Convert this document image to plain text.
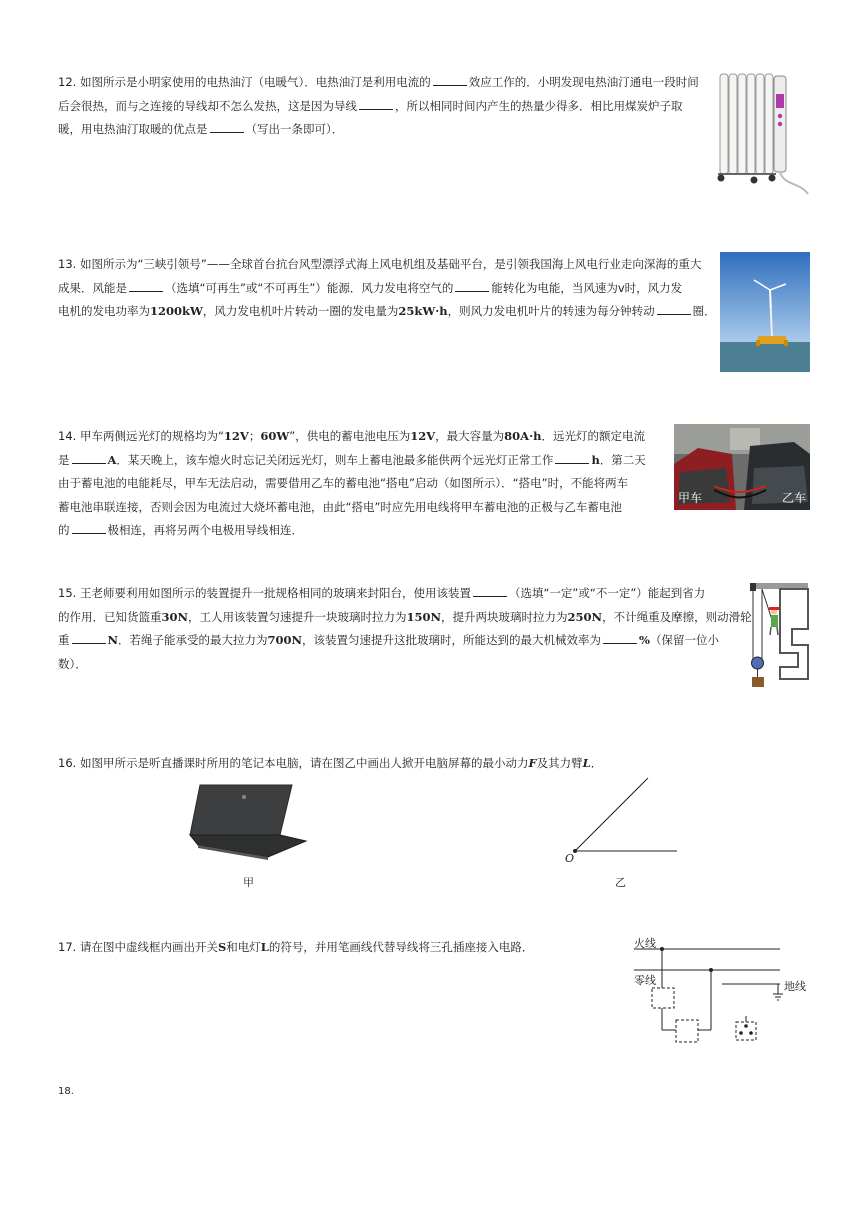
12. 如图所示是小明家使用的电热油汀（电暖气）．电热油汀是利用电流的	效应工作的．小明发现电热油汀通电一段时间

后会很热，而与之连接的导线却不怎么发热，这是因为导线	，所以相同时间内产生的热量少得多．相比用煤炭炉子取

暖，用电热油汀取暖的优点是	（写出一条即可）．

13. 如图所示为“三峡引领号”——全球首台抗台风型漂浮式海上风电机组及基础平台，是引领我国海上风电行业走向深海的重大

成果．风能是	（选填“可再生”或“不可再生”）能源．风力发电将空气的	能转化为电能，当风速为v时，风力发

电机的发电功率为1200kW，风力发电机叶片转动一圈的发电量为25kW·h，则风力发电机叶片的转速为每分钟转动	圈．

14. 甲车两侧远光灯的规格均为“12V；60W”，供电的蓄电池电压为12V，最大容量为80A·h．远光灯的额定电流

是	A．某天晚上，该车熄火时忘记关闭远光灯，则车上蓄电池最多能供两个远光灯正常工作	h．第二天

由于蓄电池的电能耗尽，甲车无法启动，需要借用乙车的蓄电池“搭电”启动（如图所示）．“搭电”时，不能将两车

蓄电池串联连接，否则会因为电流过大烧坏蓄电池，由此“搭电”时应先用电线将甲车蓄电池的正极与乙车蓄电池

的	极相连，再将另两个电极用导线相连．

甲车	乙车

15. 王老师要利用如图所示的装置提升一批规格相同的玻璃来封阳台，使用该装置	（选填“一定”或“不一定”）能起到省力

的作用．已知货篮重30N，工人用该装置匀速提升一块玻璃时拉力为150N，提升两块玻璃时拉力为250N，不计绳重及摩擦，则动滑轮

重	N．若绳子能承受的最大拉力为700N，该装置匀速提升这批玻璃时，所能达到的最大机械效率为	%（保留一位小

数）．

16. 如图甲所示是听直播课时所用的笔记本电脑，请在图乙中画出人掀开电脑屏幕的最小动力F及其力臂L．

甲
O
乙

17. 请在图中虚线框内画出开关S和电灯L的符号，并用笔画线代替导线将三孔插座接入电路．	火线
零线	地线

18.
